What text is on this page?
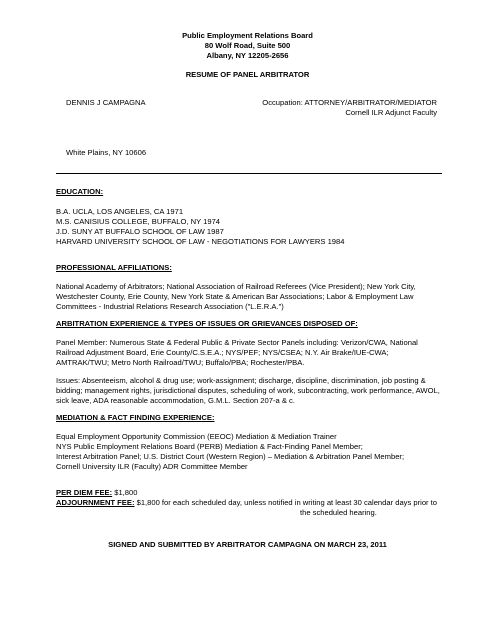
Public Employment Relations Board
80 Wolf Road, Suite 500
Albany, NY 12205-2656
RESUME OF PANEL ARBITRATOR
DENNIS J CAMPAGNA	Occupation: ATTORNEY/ARBITRATOR/MEDIATOR
Cornell ILR Adjunct Faculty
White Plains, NY 10606
EDUCATION:
B.A. UCLA, LOS ANGELES, CA 1971
M.S. CANISIUS COLLEGE, BUFFALO, NY 1974
J.D. SUNY AT BUFFALO SCHOOL OF LAW 1987
HARVARD UNIVERSITY SCHOOL OF LAW - NEGOTIATIONS FOR LAWYERS 1984
PROFESSIONAL AFFILIATIONS:
National Academy of Arbitrators; National Association of Railroad Referees (Vice President); New York City,
Westchester County, Erie County, New York State & American Bar Associations; Labor & Employment Law
Committees - Industrial Relations Research Association ("L.E.R.A.")
ARBITRATION EXPERIENCE & TYPES OF ISSUES OR GRIEVANCES DISPOSED OF:
Panel Member: Numerous State & Federal Public & Private Sector Panels including: Verizon/CWA, National
Railroad Adjustment Board, Erie County/C.S.E.A.; NYS/PEF; NYS/CSEA; N.Y. Air Brake/IUE-CWA;
AMTRAK/TWU; Metro North Railroad/TWU; Buffalo/PBA; Rochester/PBA.
Issues: Absenteeism, alcohol & drug use; work-assignment; discharge, discipline, discrimination, job posting &
bidding; management rights, jurisdictional disputes, scheduling of work, subcontracting, work performance, AWOL,
sick leave, ADA reasonable accommodation, G.M.L. Section 207-a & c.
MEDIATION & FACT FINDING EXPERIENCE:
Equal Employment Opportunity Commission (EEOC) Mediation & Mediation Trainer
NYS Public Employment Relations Board (PERB) Mediation & Fact-Finding Panel Member;
Interest Arbitration Panel; U.S. District Court (Western Region) – Mediation & Arbitration Panel Member;
Cornell University ILR (Faculty) ADR Committee Member
PER DIEM FEE: $1,800
ADJOURNMENT FEE: $1,800 for each scheduled day, unless notified in writing at least 30 calendar days prior to
the scheduled hearing.
SIGNED AND SUBMITTED BY ARBITRATOR CAMPAGNA ON MARCH 23, 2011
